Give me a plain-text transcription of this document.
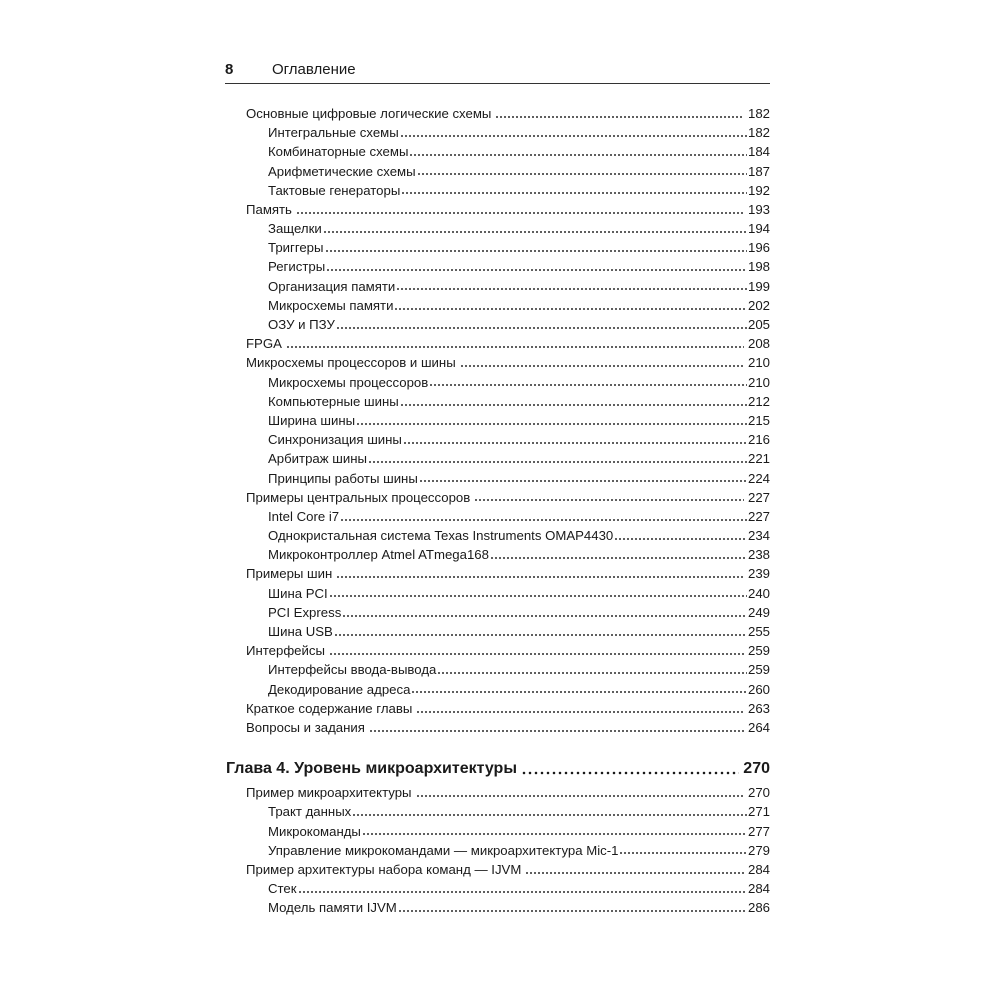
8	Оглавление
Основные цифровые логические схемы	182
Интегральные схемы	182
Комбинаторные схемы	184
Арифметические схемы	187
Тактовые генераторы	192
Память	193
Защелки	194
Триггеры	196
Регистры	198
Организация памяти	199
Микросхемы памяти	202
ОЗУ и ПЗУ	205
FPGA	208
Микросхемы процессоров и шины	210
Микросхемы процессоров	210
Компьютерные шины	212
Ширина шины	215
Синхронизация шины	216
Арбитраж шины	221
Принципы работы шины	224
Примеры центральных процессоров	227
Intel Core i7	227
Однокристальная система Texas Instruments OMAP4430	234
Микроконтроллер Atmel ATmega168	238
Примеры шин	239
Шина PCI	240
PCI Express	249
Шина USB	255
Интерфейсы	259
Интерфейсы ввода-вывода	259
Декодирование адреса	260
Краткое содержание главы	263
Вопросы и задания	264
Глава 4. Уровень микроархитектуры	270
Пример микроархитектуры	270
Тракт данных	271
Микрокоманды	277
Управление микрокомандами — микроархитектура Mic-1	279
Пример архитектуры набора команд — IJVM	284
Стек	284
Модель памяти IJVM	286
